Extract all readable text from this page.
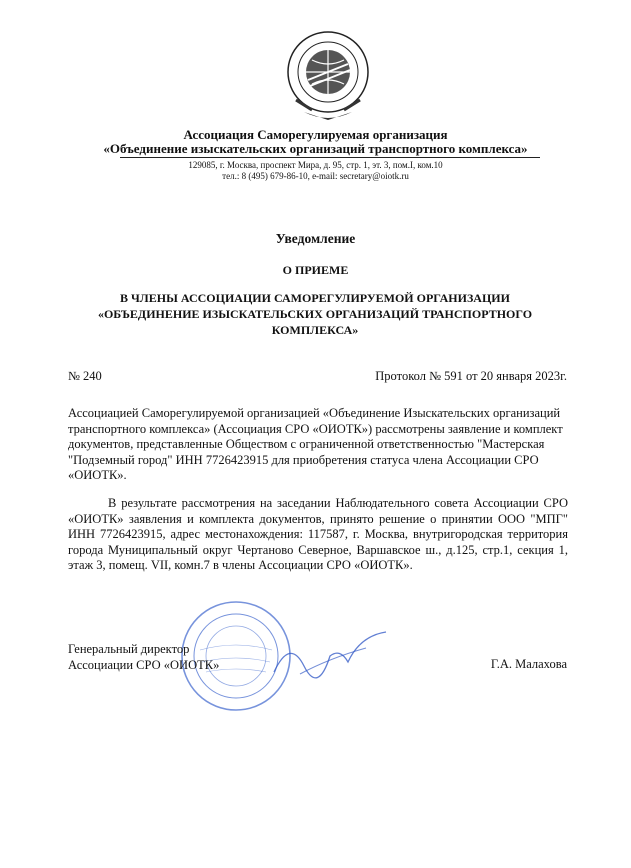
Ассоциация Саморегулируемая организация
«Объединение изыскательских организаций транспортного комплекса»
129085, г. Москва, проспект Мира, д. 95, стр. 1, эт. 3, пом.I, ком.10
тел.: 8 (495) 679-86-10, e-mail: secretary@oiotk.ru
Уведомление
О ПРИЕМЕ
В ЧЛЕНЫ АССОЦИАЦИИ САМОРЕГУЛИРУЕМОЙ ОРГАНИЗАЦИИ «ОБЪЕДИНЕНИЕ ИЗЫСКАТЕЛЬСКИХ ОРГАНИЗАЦИЙ ТРАНСПОРТНОГО КОМПЛЕКСА»
№ 240	Протокол № 591 от 20 января 2023г.
Ассоциацией Саморегулируемой организацией «Объединение Изыскательских организаций транспортного комплекса» (Ассоциация СРО «ОИОТК») рассмотрены заявление и комплект документов, представленные Обществом с ограниченной ответственностью "Мастерская "Подземный город" ИНН 7726423915 для приобретения статуса члена Ассоциации СРО «ОИОТК».
В результате рассмотрения на заседании Наблюдательного совета Ассоциации СРО «ОИОТК» заявления и комплекта документов, принято решение о принятии ООО "МПГ" ИНН 7726423915, адрес местонахождения: 117587, г. Москва, внутригородская территория города Муниципальный округ Чертаново Северное, Варшавское ш., д.125, стр.1, секция 1, этаж 3, помещ. VII, комн.7 в члены Ассоциации СРО «ОИОТК».
Генеральный директор
Ассоциации СРО «ОИОТК»	Г.А. Малахова
